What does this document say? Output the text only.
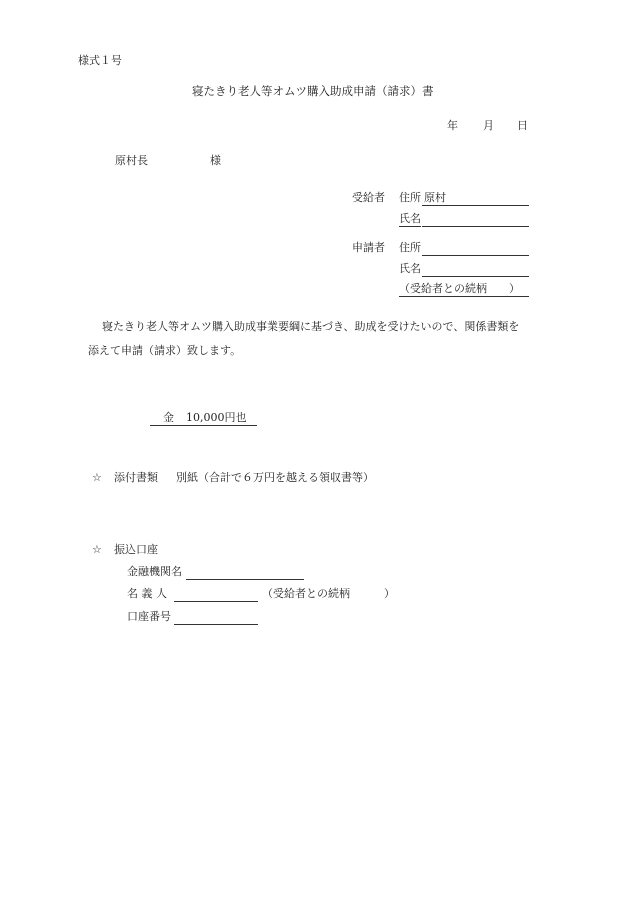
様式１号
寝たきり老人等オムツ購入助成申請（請求）書
年 月 日
原村長	様
受給者 住所 原村
氏名
申請者 住所
氏名
（受給者との続柄　　）
寝たきり老人等オムツ購入助成事業要綱に基づき、助成を受けたいので、関係書類を
添えて申請（請求）致します。
金 10,000円也
☆ 添付書類 別紙（合計で６万円を越える領収書等）
☆ 振込口座
金融機関名
名 義 人	（受給者との続柄	）
口座番号
